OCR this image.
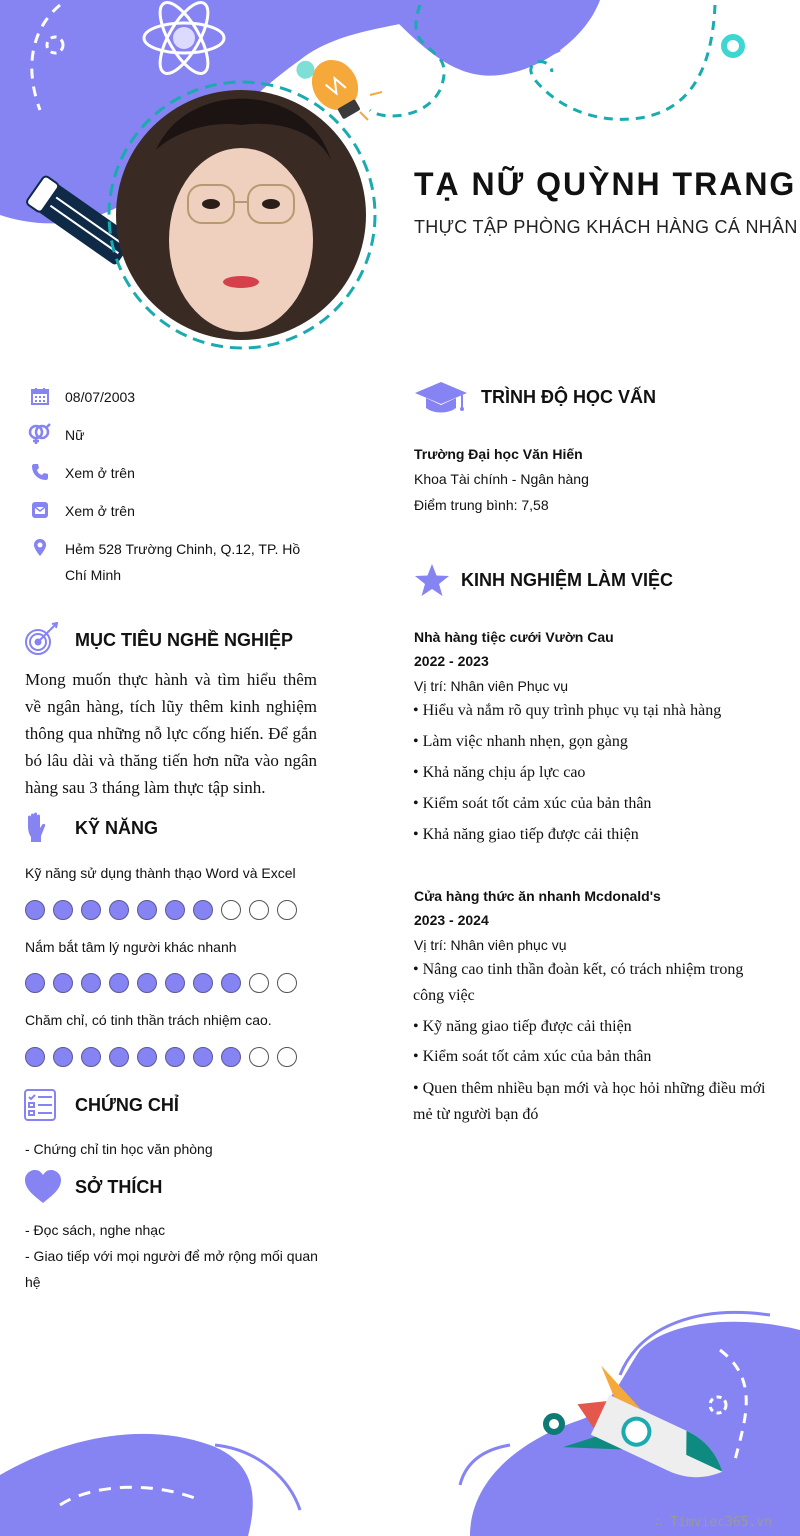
TẠ NỮ QUỲNH TRANG
THỰC TẬP PHÒNG KHÁCH HÀNG CÁ NHÂN
08/07/2003
Nữ
Xem ở trên
Xem ở trên
Hẻm 528 Trường Chinh, Q.12, TP. Hồ Chí Minh
MỤC TIÊU NGHỀ NGHIỆP
Mong muốn thực hành và tìm hiểu thêm về ngân hàng, tích lũy thêm kinh nghiệm thông qua những nỗ lực cống hiến. Để gắn bó lâu dài và thăng tiến hơn nữa vào ngân hàng sau 3 tháng làm thực tập sinh.
KỸ NĂNG
Kỹ năng sử dụng thành thạo Word và Excel
Nắm bắt tâm lý người khác nhanh
Chăm chỉ, có tinh thần trách nhiệm cao.
CHỨNG CHỈ
- Chứng chỉ tin học văn phòng
SỞ THÍCH
- Đọc sách, nghe nhạc
- Giao tiếp với mọi người để mở rộng mối quan hệ
TRÌNH ĐỘ HỌC VẤN
Trường Đại học Văn Hiến
Khoa Tài chính - Ngân hàng
Điểm trung bình: 7,58
KINH NGHIỆM LÀM VIỆC
Nhà hàng tiệc cưới Vườn Cau
2022 - 2023
Vị trí: Nhân viên Phục vụ
• Hiểu và nắm rõ quy trình phục vụ tại nhà hàng
• Làm việc nhanh nhẹn, gọn gàng
• Khả năng chịu áp lực cao
• Kiểm soát tốt cảm xúc của bản thân
• Khả năng giao tiếp được cải thiện
Cửa hàng thức ăn nhanh Mcdonald's
2023 - 2024
Vị trí: Nhân viên phục vụ
• Nâng cao tinh thần đoàn kết, có trách nhiệm trong công việc
• Kỹ năng giao tiếp được cải thiện
• Kiểm soát tốt cảm xúc của bản thân
• Quen thêm nhiều bạn mới và học hỏi những điều mới mẻ từ người bạn đó
∴ Timviec365.vn
